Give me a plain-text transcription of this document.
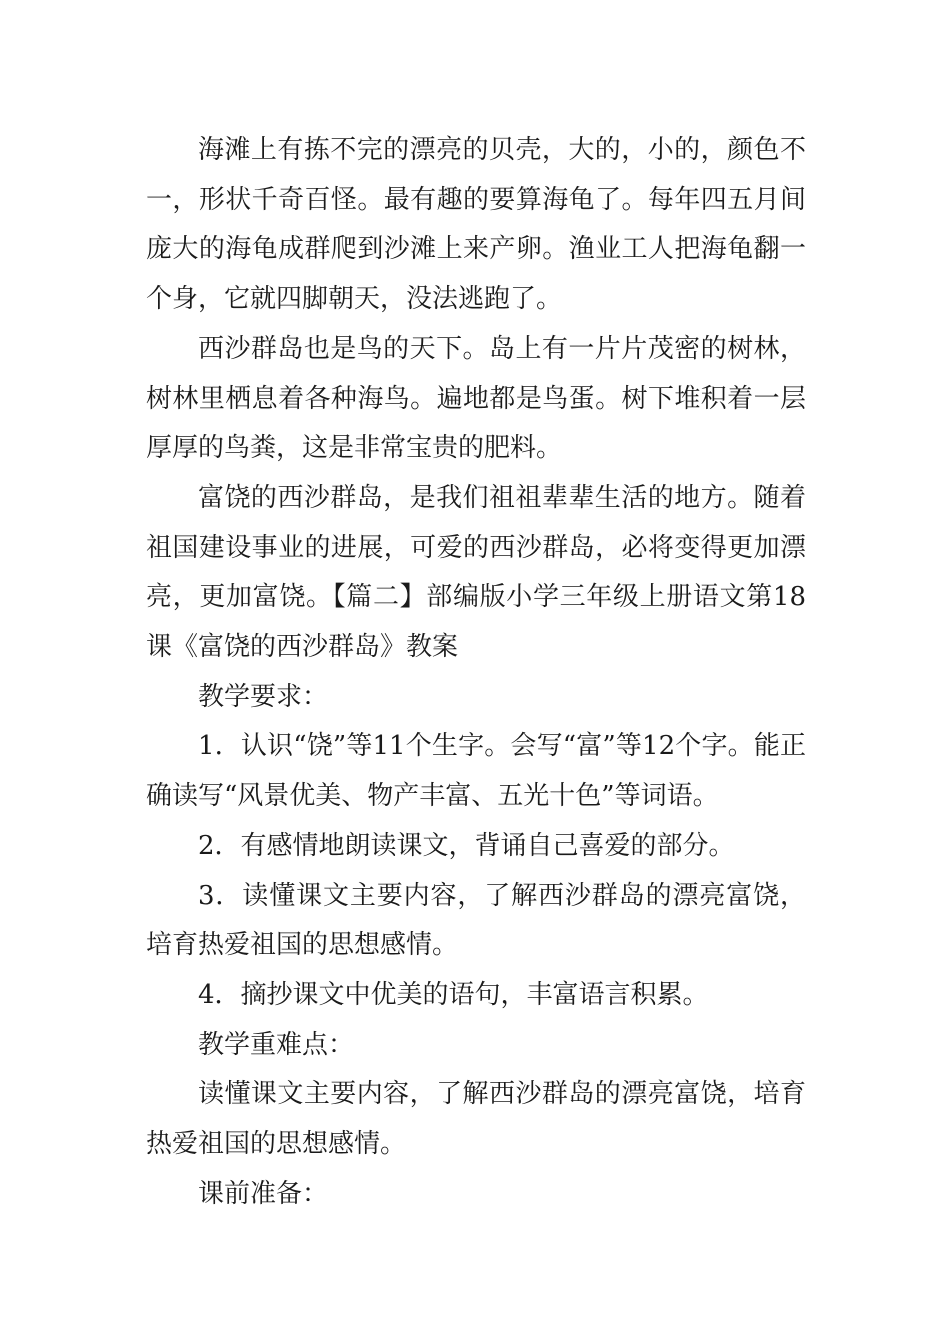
海滩上有拣不完的漂亮的贝壳，大的，小的，颜色不一，形状千奇百怪。最有趣的要算海龟了。每年四五月间庞大的海龟成群爬到沙滩上来产卵。渔业工人把海龟翻一个身，它就四脚朝天，没法逃跑了。

西沙群岛也是鸟的天下。岛上有一片片茂密的树林，树林里栖息着各种海鸟。遍地都是鸟蛋。树下堆积着一层厚厚的鸟粪，这是非常宝贵的肥料。

富饶的西沙群岛，是我们祖祖辈辈生活的地方。随着祖国建设事业的进展，可爱的西沙群岛，必将变得更加漂亮，更加富饶。【篇二】部编版小学三年级上册语文第18课《富饶的西沙群岛》教案

教学要求：

1．认识“饶”等11个生字。会写“富”等12个字。能正确读写“风景优美、物产丰富、五光十色”等词语。

2．有感情地朗读课文，背诵自己喜爱的部分。

3．读懂课文主要内容，了解西沙群岛的漂亮富饶，培育热爱祖国的思想感情。

4．摘抄课文中优美的语句，丰富语言积累。

教学重难点：

读懂课文主要内容，了解西沙群岛的漂亮富饶，培育热爱祖国的思想感情。

课前准备：
